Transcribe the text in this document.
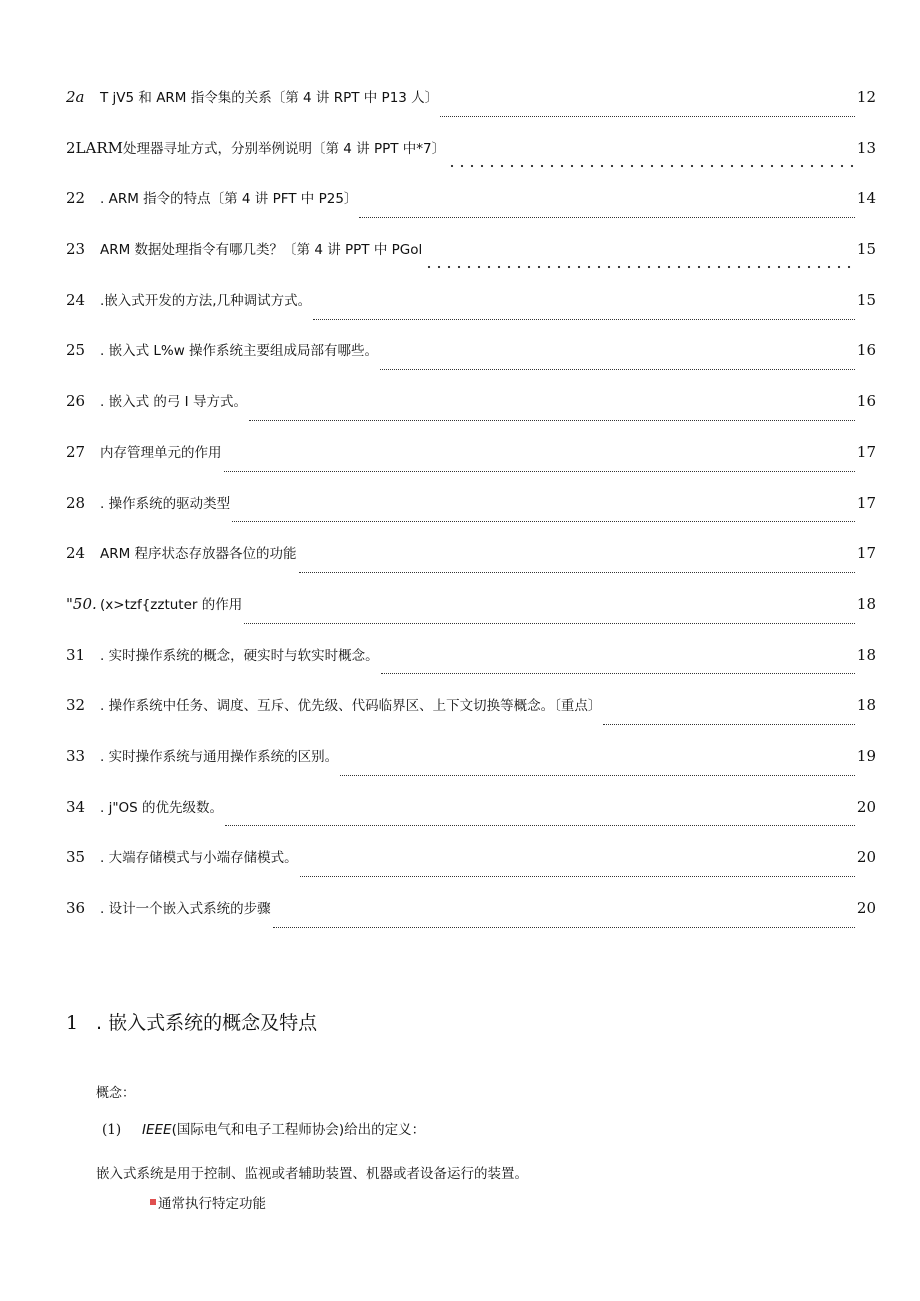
2a	T jV5 和 ARM 指令集的关系〔第 4 讲 RPT 中 P13 人〕	12
2LARM 处理器寻址方式，分别举例说明〔第 4 讲 PPT 中*7〕	13
22	. ARM 指令的特点〔第 4 讲 PFT 中 P25〕	14
23	ARM 数据处理指令有哪几类？〔第 4 讲 PPT 中 PGol	15
24	.嵌入式开发的方法,几种调试方式。	15
25	. 嵌入式 L%w 操作系统主要组成局部有哪些。	16
26	. 嵌入式 的弓 I 导方式。	16
27	内存管理单元的作用	17
28	. 操作系统的驱动类型	17
24	ARM 程序状态存放器各位的功能	17
"50. (x>tzf{zztuter 的作用	18
31	. 实时操作系统的概念，硬实时与软实时概念。	18
32	. 操作系统中任务、调度、互斥、优先级、代码临界区、上下文切换等概念。〔重点〕	18
33	. 实时操作系统与通用操作系统的区别。	19
34	. j"OS 的优先级数。	20
35	. 大端存储模式与小端存储模式。	20
36	. 设计一个嵌入式系统的步骤	20
1 . 嵌入式系统的概念及特点
概念：
(1) IEEE(国际电气和电子工程师协会)给出的定义：
嵌入式系统是用于控制、监视或者辅助装置、机器或者设备运行的装置。
通常执行特定功能
